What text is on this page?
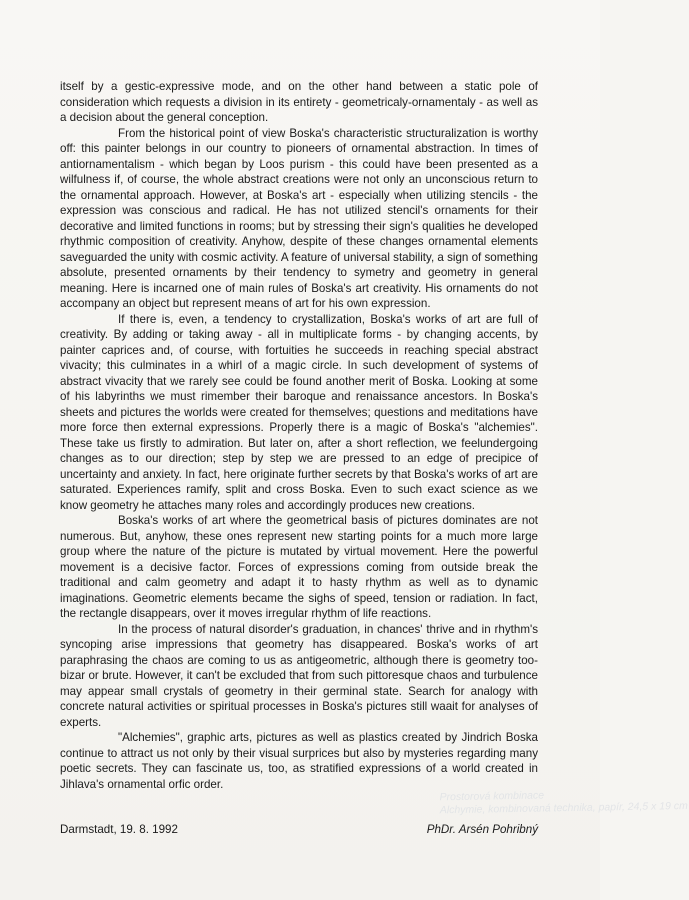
Prostorová kombinace
Alchymie, kombinovaná technika, papír, 24,5 x 19 cm

itself by a gestic-expressive mode, and on the other hand between a static pole of consideration which requests a division in its entirety - geometricaly-ornamentaly - as well as a decision about the general conception.

From the historical point of view Boska's characteristic structuralization is worthy off: this painter belongs in our country to pioneers of ornamental abstraction. In times of antiornamentalism - which began by Loos purism - this could have been presented as a wilfulness if, of course, the whole abstract creations were not only an unconscious return to the ornamental approach. However, at Boska's art - especially when utilizing stencils - the expression was conscious and radical. He has not utilized stencil's ornaments for their decorative and limited functions in rooms; but by stressing their sign's qualities he developed rhythmic composition of creativity. Anyhow, despite of these changes ornamental elements saveguarded the unity with cosmic activity. A feature of universal stability, a sign of something absolute, presented ornaments by their tendency to symetry and geometry in general meaning. Here is incarned one of main rules of Boska's art creativity. His ornaments do not accompany an object but represent means of art for his own expression.

If there is, even, a tendency to crystallization, Boska's works of art are full of creativity. By adding or taking away - all in multiplicate forms - by changing accents, by painter caprices and, of course, with fortuities he succeeds in reaching special abstract vivacity; this culminates in a whirl of a magic circle. In such development of systems of abstract vivacity that we rarely see could be found another merit of Boska. Looking at some of his labyrinths we must rimember their baroque and renaissance ancestors. In Boska's sheets and pictures the worlds were created for themselves; questions and meditations have more force then external expressions. Properly there is a magic of Boska's "alchemies". These take us firstly to admiration. But later on, after a short reflection, we feelundergoing changes as to our direction; step by step we are pressed to an edge of precipice of uncertainty and anxiety. In fact, here originate further secrets by that Boska's works of art are saturated. Experiences ramify, split and cross Boska. Even to such exact science as we know geometry he attaches many roles and accordingly produces new creations.

Boska's works of art where the geometrical basis of pictures dominates are not numerous. But, anyhow, these ones represent new starting points for a much more large group where the nature of the picture is mutated by virtual movement. Here the powerful movement is a decisive factor. Forces of expressions coming from outside break the traditional and calm geometry and adapt it to hasty rhythm as well as to dynamic imaginations. Geometric elements became the sighs of speed, tension or radiation. In fact, the rectangle disappears, over it moves irregular rhythm of life reactions.

In the process of natural disorder's graduation, in chances' thrive and in rhythm's syncoping arise impressions that geometry has disappeared. Boska's works of art paraphrasing the chaos are coming to us as antigeometric, although there is geometry too- bizar or brute. However, it can't be excluded that from such pittoresque chaos and turbulence may appear small crystals of geometry in their germinal state. Search for analogy with concrete natural activities or spiritual processes in Boska's pictures still waait for analyses of experts.

"Alchemies", graphic arts, pictures as well as plastics created by Jindrich Boska continue to attract us not only by their visual surprices but also by mysteries regarding many poetic secrets. They can fascinate us, too, as stratified expressions of a world created in Jihlava's ornamental orfic order.

Darmstadt, 19. 8. 1992	PhDr. Arsén Pohribný
